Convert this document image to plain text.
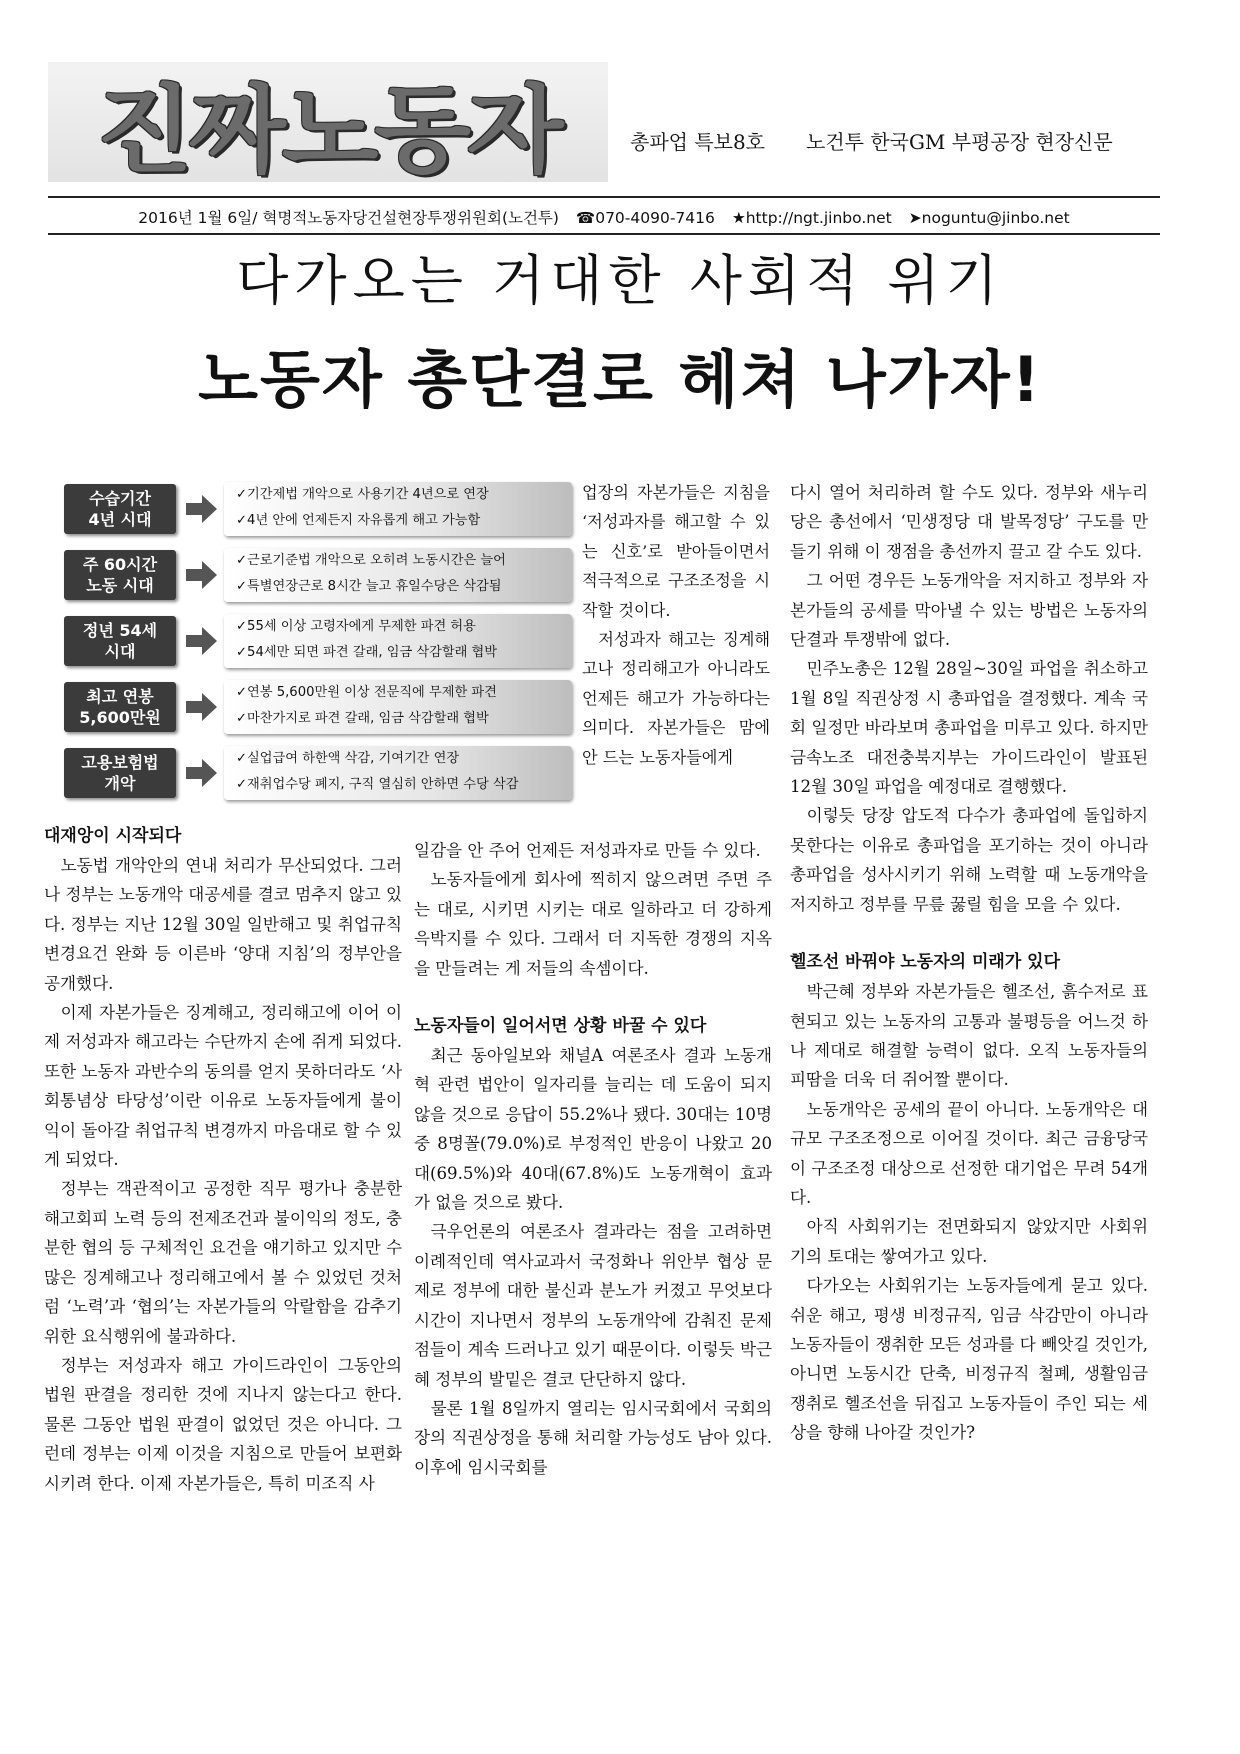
진짜노동자	총파업 특보8호 노건투 한국GM 부평공장 현장신문
2016년 1월 6일/ 혁명적노동자당건설현장투쟁위원회(노건투) ☎070-4090-7416 ★http://ngt.jinbo.net ➤noguntu@jinbo.net
다가오는 거대한 사회적 위기
노동자 총단결로 헤쳐 나가자!
수습기간
4년 시대
✓기간제법 개악으로 사용기간 4년으로 연장
✓4년 안에 언제든지 자유롭게 해고 가능함
주 60시간
노동 시대
✓근로기준법 개악으로 오히려 노동시간은 늘어
✓특별연장근로 8시간 늘고 휴일수당은 삭감됨
정년 54세
시대
✓55세 이상 고령자에게 무제한 파견 허용
✓54세만 되면 파견 갈래, 임금 삭감할래 협박
최고 연봉
5,600만원
✓연봉 5,600만원 이상 전문직에 무제한 파견
✓마찬가지로 파견 갈래, 임금 삭감할래 협박
고용보험법
개악
✓실업급여 하한액 삭감, 기여기간 연장
✓재취업수당 폐지, 구직 열심히 안하면 수당 삭감

업장의 자본가들은 지침을 ‘저성과자를 해고할 수 있는 신호’로 받아들이면서 적극적으로 구조조정을 시작할 것이다.

저성과자 해고는 징계해고나 정리해고가 아니라도 언제든 해고가 가능하다는 의미다. 자본가들은 맘에 안 드는 노동자들에게

대재앙이 시작되다

노동법 개악안의 연내 처리가 무산되었다. 그러나 정부는 노동개악 대공세를 결코 멈추지 않고 있다. 정부는 지난 12월 30일 일반해고 및 취업규칙 변경요건 완화 등 이른바 ‘양대 지침’의 정부안을 공개했다.

이제 자본가들은 징계해고, 정리해고에 이어 이제 저성과자 해고라는 수단까지 손에 쥐게 되었다. 또한 노동자 과반수의 동의를 얻지 못하더라도 ‘사회통념상 타당성’이란 이유로 노동자들에게 불이익이 돌아갈 취업규칙 변경까지 마음대로 할 수 있게 되었다.

정부는 객관적이고 공정한 직무 평가나 충분한 해고회피 노력 등의 전제조건과 불이익의 정도, 충분한 협의 등 구체적인 요건을 얘기하고 있지만 수많은 징계해고나 정리해고에서 볼 수 있었던 것처럼 ‘노력’과 ‘협의’는 자본가들의 악랄함을 감추기 위한 요식행위에 불과하다.

정부는 저성과자 해고 가이드라인이 그동안의 법원 판결을 정리한 것에 지나지 않는다고 한다. 물론 그동안 법원 판결이 없었던 것은 아니다. 그런데 정부는 이제 이것을 지침으로 만들어 보편화시키려 한다. 이제 자본가들은, 특히 미조직 사

일감을 안 주어 언제든 저성과자로 만들 수 있다.

노동자들에게 회사에 찍히지 않으려면 주면 주는 대로, 시키면 시키는 대로 일하라고 더 강하게 윽박지를 수 있다. 그래서 더 지독한 경쟁의 지옥을 만들려는 게 저들의 속셈이다.

노동자들이 일어서면 상황 바꿀 수 있다

최근 동아일보와 채널A 여론조사 결과 노동개혁 관련 법안이 일자리를 늘리는 데 도움이 되지 않을 것으로 응답이 55.2%나 됐다. 30대는 10명 중 8명꼴(79.0%)로 부정적인 반응이 나왔고 20대(69.5%)와 40대(67.8%)도 노동개혁이 효과가 없을 것으로 봤다.

극우언론의 여론조사 결과라는 점을 고려하면 이례적인데 역사교과서 국정화나 위안부 협상 문제로 정부에 대한 불신과 분노가 커졌고 무엇보다 시간이 지나면서 정부의 노동개악에 감춰진 문제점들이 계속 드러나고 있기 때문이다. 이렇듯 박근혜 정부의 발밑은 결코 단단하지 않다.

물론 1월 8일까지 열리는 임시국회에서 국회의장의 직권상정을 통해 처리할 가능성도 남아 있다. 이후에 임시국회를

다시 열어 처리하려 할 수도 있다. 정부와 새누리당은 총선에서 ‘민생정당 대 발목정당’ 구도를 만들기 위해 이 쟁점을 총선까지 끌고 갈 수도 있다.

그 어떤 경우든 노동개악을 저지하고 정부와 자본가들의 공세를 막아낼 수 있는 방법은 노동자의 단결과 투쟁밖에 없다.

민주노총은 12월 28일~30일 파업을 취소하고 1월 8일 직권상정 시 총파업을 결정했다. 계속 국회 일정만 바라보며 총파업을 미루고 있다. 하지만 금속노조 대전충북지부는 가이드라인이 발표된 12월 30일 파업을 예정대로 결행했다.

이렇듯 당장 압도적 다수가 총파업에 돌입하지 못한다는 이유로 총파업을 포기하는 것이 아니라 총파업을 성사시키기 위해 노력할 때 노동개악을 저지하고 정부를 무릎 꿇릴 힘을 모을 수 있다.

헬조선 바꿔야 노동자의 미래가 있다

박근혜 정부와 자본가들은 헬조선, 흙수저로 표현되고 있는 노동자의 고통과 불평등을 어느것 하나 제대로 해결할 능력이 없다. 오직 노동자들의 피땀을 더욱 더 쥐어짤 뿐이다.

노동개악은 공세의 끝이 아니다. 노동개악은 대규모 구조조정으로 이어질 것이다. 최근 금융당국이 구조조정 대상으로 선정한 대기업은 무려 54개다.

아직 사회위기는 전면화되지 않았지만 사회위기의 토대는 쌓여가고 있다.

다가오는 사회위기는 노동자들에게 묻고 있다. 쉬운 해고, 평생 비정규직, 임금 삭감만이 아니라 노동자들이 쟁취한 모든 성과를 다 빼앗길 것인가, 아니면 노동시간 단축, 비정규직 철폐, 생활임금 쟁취로 헬조선을 뒤집고 노동자들이 주인 되는 세상을 향해 나아갈 것인가?
